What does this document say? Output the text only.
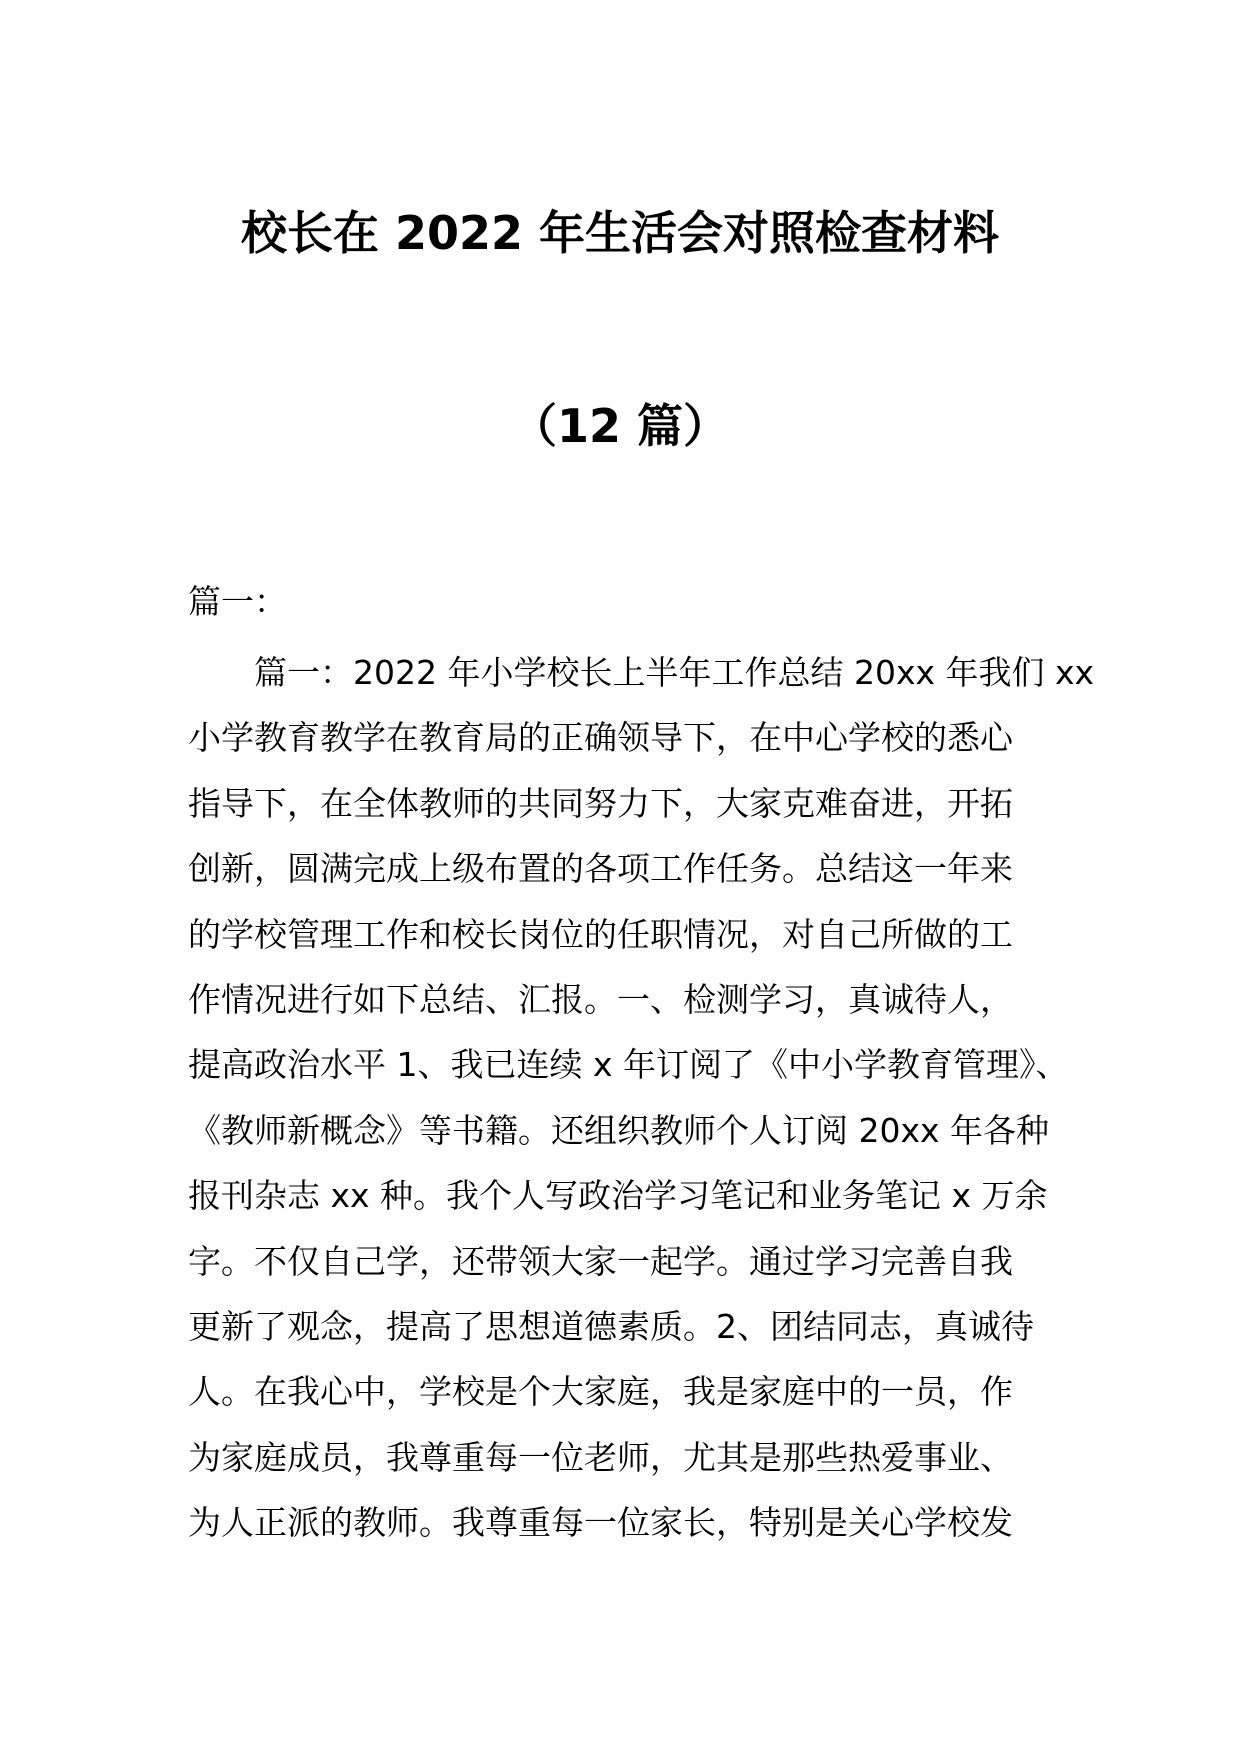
校长在 2022 年生活会对照检查材料
（12 篇）

篇一：

篇一：2022 年小学校长上半年工作总结 20xx 年我们 xx
小学教育教学在教育局的正确领导下，在中心学校的悉心
指导下，在全体教师的共同努力下，大家克难奋进，开拓
创新，圆满完成上级布置的各项工作任务。总结这一年来
的学校管理工作和校长岗位的任职情况，对自己所做的工
作情况进行如下总结、汇报。一、检测学习，真诚待人，
提高政治水平 1、我已连续 x 年订阅了《中小学教育管理》、
《教师新概念》等书籍。还组织教师个人订阅 20xx 年各种
报刊杂志 xx 种。我个人写政治学习笔记和业务笔记 x 万余
字。不仅自己学，还带领大家一起学。通过学习完善自我
更新了观念，提高了思想道德素质。2、团结同志，真诚待
人。在我心中，学校是个大家庭，我是家庭中的一员，作
为家庭成员，我尊重每一位老师，尤其是那些热爱事业、
为人正派的教师。我尊重每一位家长，特别是关心学校发
